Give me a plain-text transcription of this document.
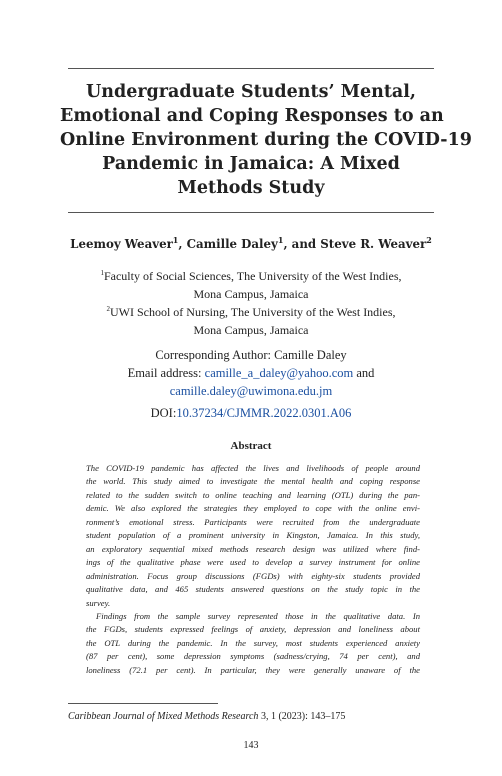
Undergraduate Students’ Mental,
Emotional and Coping Responses to an
Online Environment during the COVID-19
Pandemic in Jamaica: A Mixed
Methods Study
Leemoy Weaver$^1$, Camille Daley$^1$, and Steve R. Weaver$^2$
$^1$Faculty of Social Sciences, The University of the West Indies,
Mona Campus, Jamaica
$^2$UWI School of Nursing, The University of the West Indies,
Mona Campus, Jamaica
Corresponding Author: Camille Daley
Email address: camille_a_daley@yahoo.com and
camille.daley@uwimona.edu.jm
DOI:10.37234/CJMMR.2022.0301.A06
Abstract
The COVID-19 pandemic has affected the lives and livelihoods of people around
the world. This study aimed to investigate the mental health and coping response
related to the sudden switch to online teaching and learning (OTL) during the pan-
demic. We also explored the strategies they employed to cope with the online envi-
ronment’s emotional stress. Participants were recruited from the undergraduate
student population of a prominent university in Kingston, Jamaica. In this study,
an exploratory sequential mixed methods research design was utilized where find-
ings of the qualitative phase were used to develop a survey instrument for online
administration. Focus group discussions (FGDs) with eighty-six students provided
qualitative data, and 465 students answered questions on the study topic in the
survey.
Findings from the sample survey represented those in the qualitative data. In
the FGDs, students expressed feelings of anxiety, depression and loneliness about
the OTL during the pandemic. In the survey, most students experienced anxiety
(87 per cent), some depression symptoms (sadness/crying, 74 per cent), and
loneliness (72.1 per cent). In particular, they were generally unaware of the
Caribbean Journal of Mixed Methods Research 3, 1 (2023): 143–175
143
